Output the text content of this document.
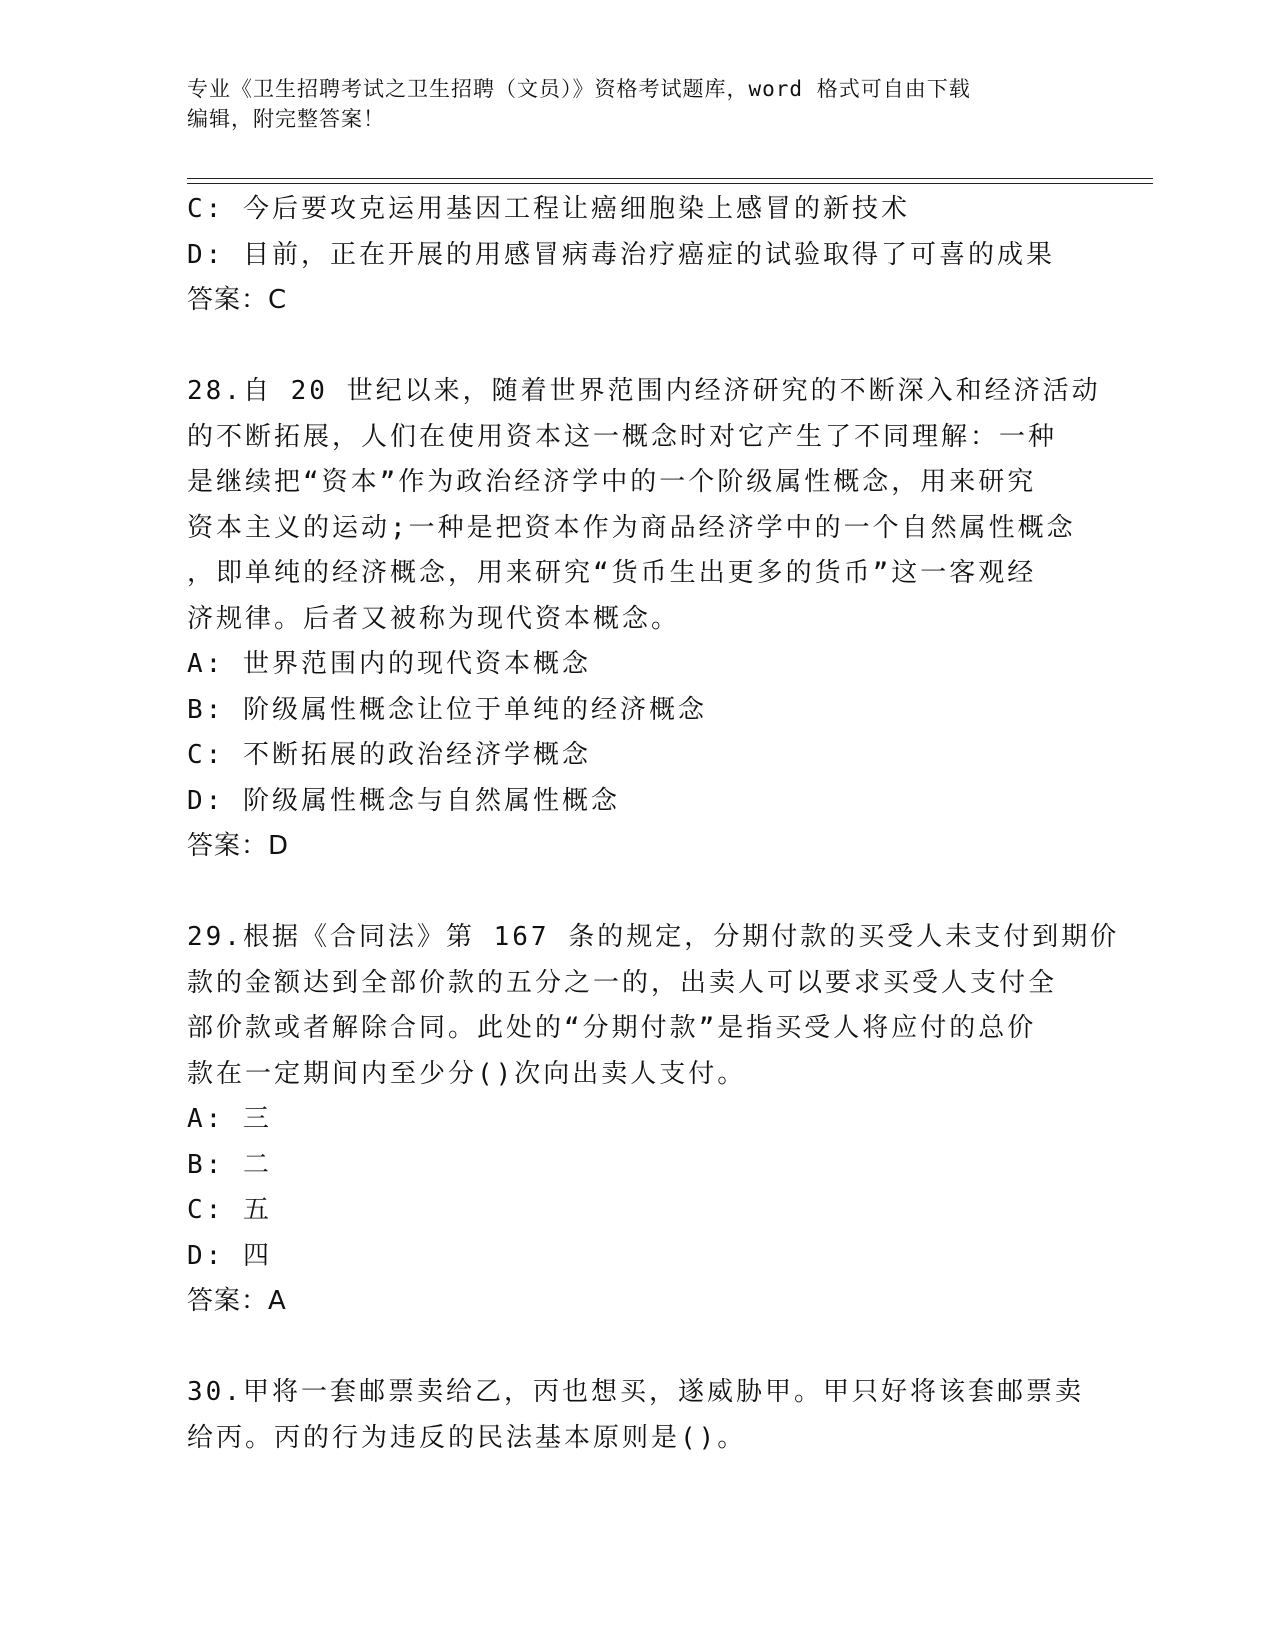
专业《卫生招聘考试之卫生招聘（文员）》资格考试题库，word 格式可自由下载
编辑，附完整答案！
C: 今后要攻克运用基因工程让癌细胞染上感冒的新技术
D: 目前，正在开展的用感冒病毒治疗癌症的试验取得了可喜的成果
答案：C
28.自 20 世纪以来，随着世界范围内经济研究的不断深入和经济活动
的不断拓展，人们在使用资本这一概念时对它产生了不同理解：一种
是继续把“资本”作为政治经济学中的一个阶级属性概念，用来研究
资本主义的运动;一种是把资本作为商品经济学中的一个自然属性概念
，即单纯的经济概念，用来研究“货币生出更多的货币”这一客观经
济规律。后者又被称为现代资本概念。
A: 世界范围内的现代资本概念
B: 阶级属性概念让位于单纯的经济概念
C: 不断拓展的政治经济学概念
D: 阶级属性概念与自然属性概念
答案：D
29.根据《合同法》第 167 条的规定，分期付款的买受人未支付到期价
款的金额达到全部价款的五分之一的，出卖人可以要求买受人支付全
部价款或者解除合同。此处的“分期付款”是指买受人将应付的总价
款在一定期间内至少分()次向出卖人支付。
A: 三
B: 二
C: 五
D: 四
答案：A
30.甲将一套邮票卖给乙，丙也想买，遂威胁甲。甲只好将该套邮票卖
给丙。丙的行为违反的民法基本原则是()。
